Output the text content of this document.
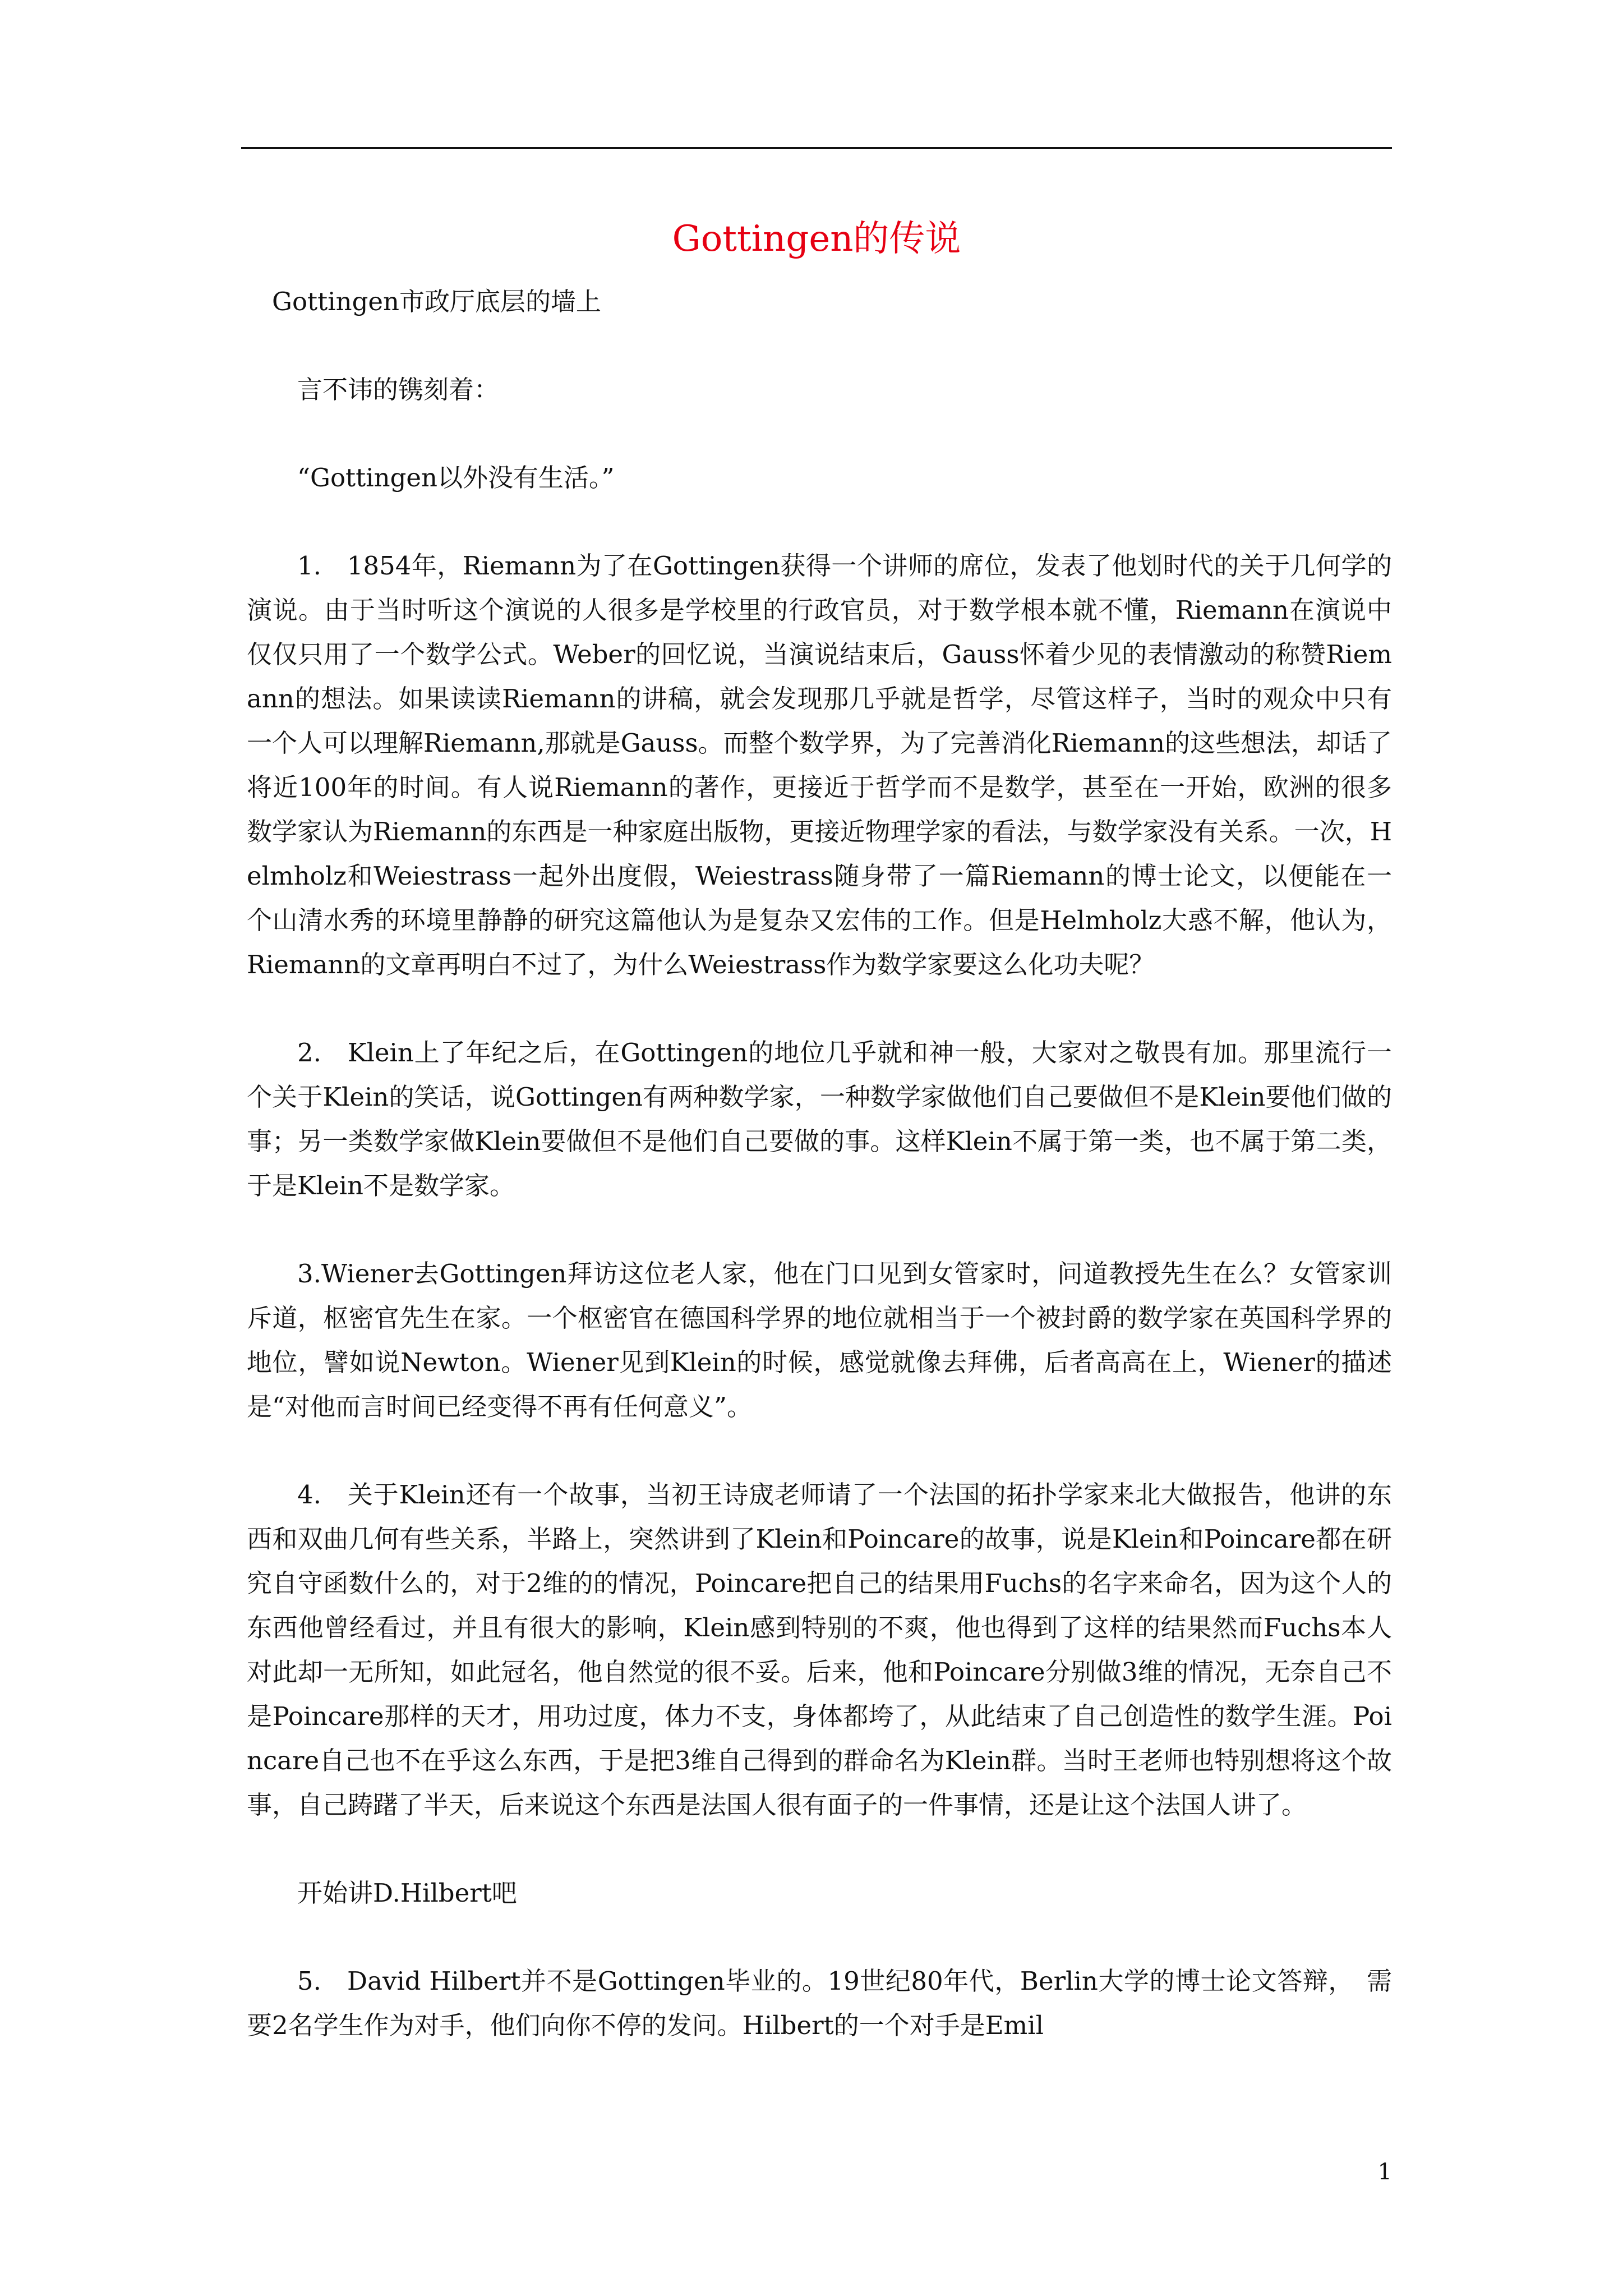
Gottingen的传说

Gottingen市政厅底层的墙上

言不讳的镌刻着：

“Gottingen以外没有生活。”

1.　1854年，Riemann为了在Gottingen获得一个讲师的席位，发表了他划时代的关于几何学的演说。由于当时听这个演说的人很多是学校里的行政官员，对于数学根本就不懂，Riemann在演说中仅仅只用了一个数学公式。Weber的回忆说，当演说结束后，Gauss怀着少见的表情激动的称赞Riemann的想法。如果读读Riemann的讲稿，就会发现那几乎就是哲学，尽管这样子，当时的观众中只有一个人可以理解Riemann,那就是Gauss。而整个数学界，为了完善消化Riemann的这些想法，却话了将近100年的时间。有人说Riemann的著作，更接近于哲学而不是数学，甚至在一开始，欧洲的很多数学家认为Riemann的东西是一种家庭出版物，更接近物理学家的看法，与数学家没有关系。一次，Helmholz和Weiestrass一起外出度假，Weiestrass随身带了一篇Riemann的博士论文，以便能在一个山清水秀的环境里静静的研究这篇他认为是复杂又宏伟的工作。但是Helmholz大惑不解，他认为，Riemann的文章再明白不过了，为什么Weiestrass作为数学家要这么化功夫呢？

2.　Klein上了年纪之后，在Gottingen的地位几乎就和神一般，大家对之敬畏有加。那里流行一个关于Klein的笑话，说Gottingen有两种数学家，一种数学家做他们自己要做但不是Klein要他们做的事；另一类数学家做Klein要做但不是他们自己要做的事。这样Klein不属于第一类，也不属于第二类，于是Klein不是数学家。

3.Wiener去Gottingen拜访这位老人家，他在门口见到女管家时，问道教授先生在么？女管家训斥道，枢密官先生在家。一个枢密官在德国科学界的地位就相当于一个被封爵的数学家在英国科学界的地位，譬如说Newton。Wiener见到Klein的时候，感觉就像去拜佛，后者高高在上，Wiener的描述是“对他而言时间已经变得不再有任何意义”。

4.　关于Klein还有一个故事，当初王诗宬老师请了一个法国的拓扑学家来北大做报告，他讲的东西和双曲几何有些关系，半路上，突然讲到了Klein和Poincare的故事，说是Klein和Poincare都在研究自守函数什么的，对于2维的的情况，Poincare把自己的结果用Fuchs的名字来命名，因为这个人的东西他曾经看过，并且有很大的影响，Klein感到特别的不爽，他也得到了这样的结果然而Fuchs本人对此却一无所知，如此冠名，他自然觉的很不妥。后来，他和Poincare分别做3维的情况，无奈自己不是Poincare那样的天才，用功过度，体力不支，身体都垮了，从此结束了自己创造性的数学生涯。Poincare自己也不在乎这么东西，于是把3维自己得到的群命名为Klein群。当时王老师也特别想将这个故事，自己踌躇了半天，后来说这个东西是法国人很有面子的一件事情，还是让这个法国人讲了。

开始讲D.Hilbert吧

5.　David Hilbert并不是Gottingen毕业的。19世纪80年代，Berlin大学的博士论文答辩，　需要2名学生作为对手，他们向你不停的发问。Hilbert的一个对手是Emil

1
